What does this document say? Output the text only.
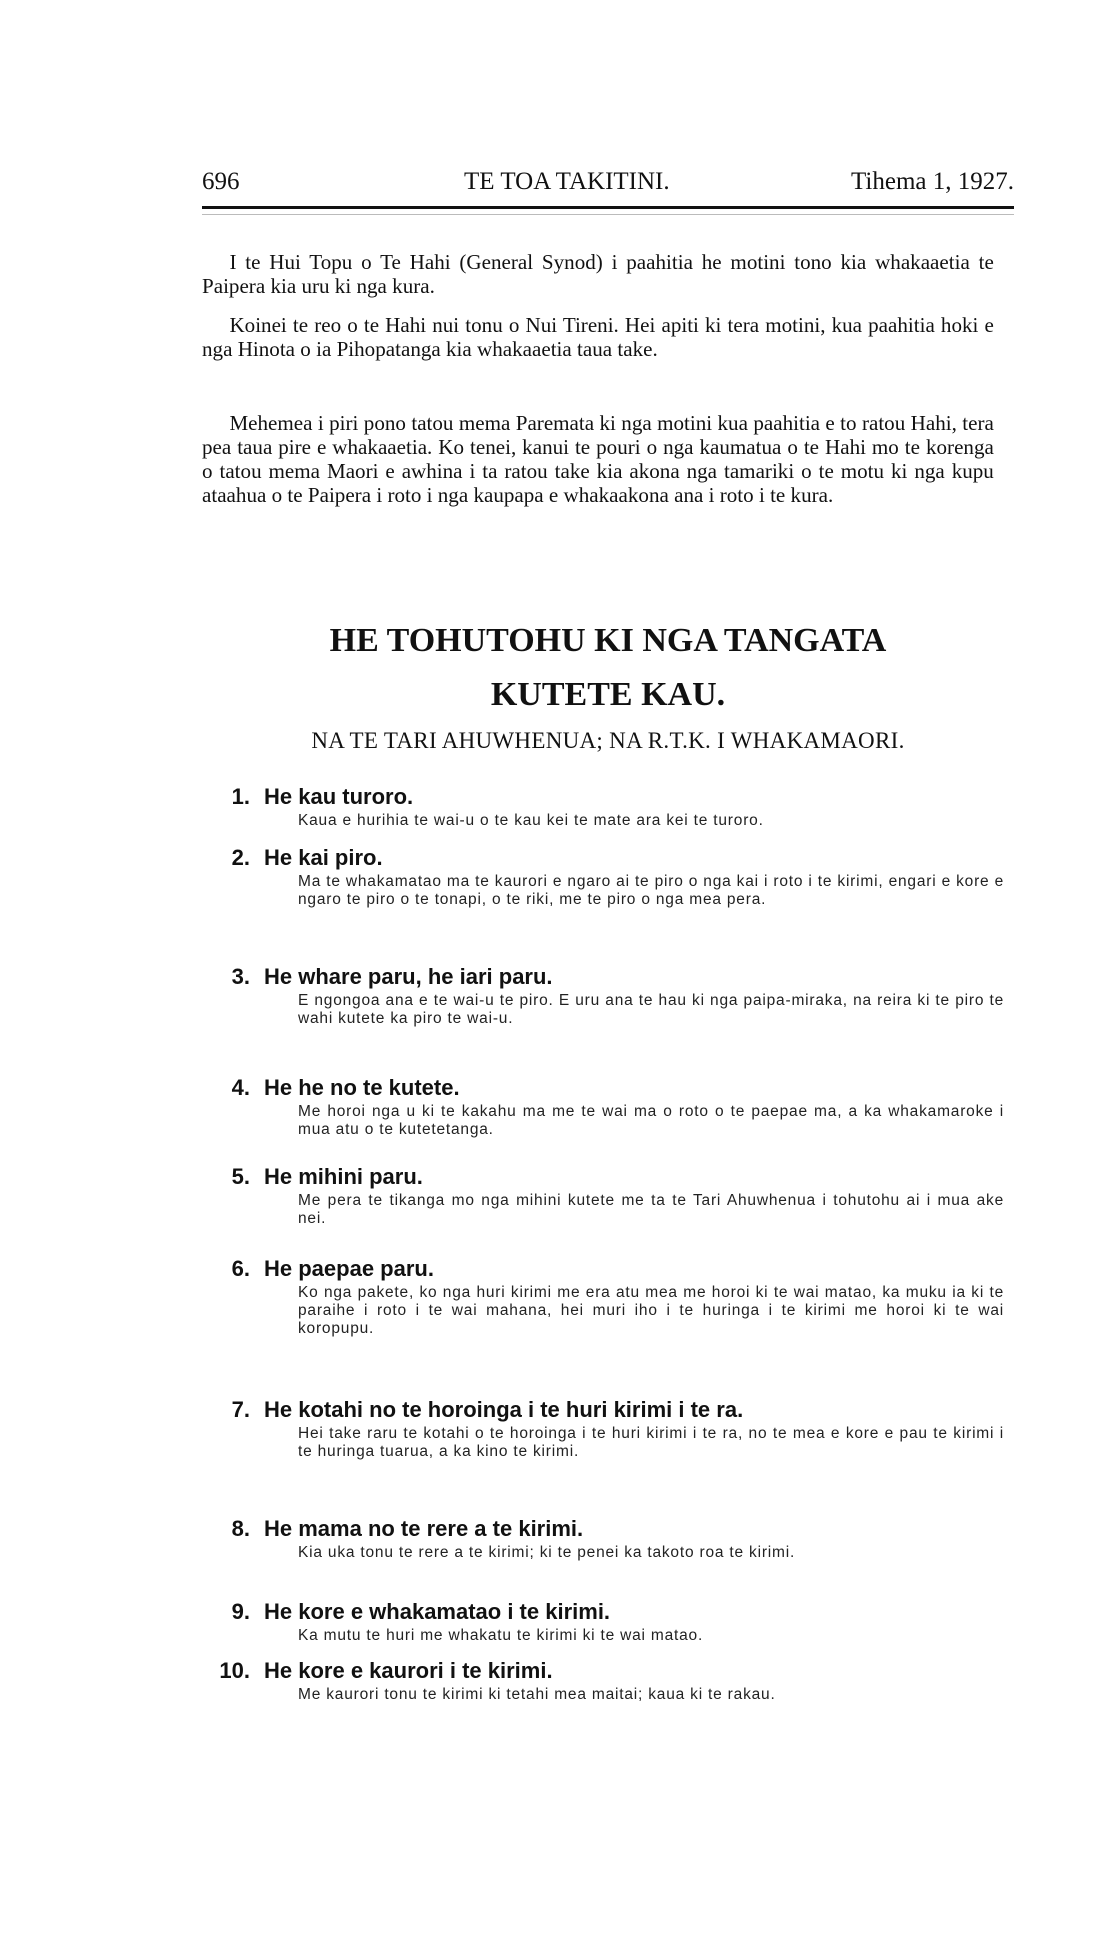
696	TE TOA TAKITINI.	Tihema 1, 1927.

I te Hui Topu o Te Hahi (General Synod) i paahitia he motini tono kia whakaaetia te Paipera kia uru ki nga kura.

Koinei te reo o te Hahi nui tonu o Nui Tireni. Hei apiti ki tera motini, kua paahitia hoki e nga Hinota o ia Pihopatanga kia whakaaetia taua take.

Mehemea i piri pono tatou mema Paremata ki nga motini kua paahitia e to ratou Hahi, tera pea taua pire e whakaaetia. Ko tenei, kanui te pouri o nga kaumatua o te Hahi mo te korenga o tatou mema Maori e awhina i ta ratou take kia akona nga tamariki o te motu ki nga kupu ataahua o te Paipera i roto i nga kaupapa e whakaakona ana i roto i te kura.

HE TOHUTOHU KI NGA TANGATA
KUTETE KAU.
NA TE TARI AHUWHENUA; NA R.T.K. I WHAKAMAORI.
1. He kau turoro.
Kaua e hurihia te wai-u o te kau kei te mate ara kei te turoro.
2. He kai piro.
Ma te whakamatao ma te kaurori e ngaro ai te piro o nga kai i roto i te kirimi, engari e kore e ngaro te piro o te tonapi, o te riki, me te piro o nga mea pera.
3. He whare paru, he iari paru.
E ngongoa ana e te wai-u te piro. E uru ana te hau ki nga paipa-miraka, na reira ki te piro te wahi kutete ka piro te wai-u.
4. He he no te kutete.
Me horoi nga u ki te kakahu ma me te wai ma o roto o te paepae ma, a ka whakamaroke i mua atu o te kutetetanga.
5. He mihini paru.
Me pera te tikanga mo nga mihini kutete me ta te Tari Ahuwhenua i tohutohu ai i mua ake nei.
6. He paepae paru.
Ko nga pakete, ko nga huri kirimi me era atu mea me horoi ki te wai matao, ka muku ia ki te paraihe i roto i te wai mahana, hei muri iho i te huringa i te kirimi me horoi ki te wai koropupu.
7. He kotahi no te horoinga i te huri kirimi i te ra.
Hei take raru te kotahi o te horoinga i te huri kirimi i te ra, no te mea e kore e pau te kirimi i te huringa tuarua, a ka kino te kirimi.
8. He mama no te rere a te kirimi.
Kia uka tonu te rere a te kirimi; ki te penei ka takoto roa te kirimi.
9. He kore e whakamatao i te kirimi.
Ka mutu te huri me whakatu te kirimi ki te wai matao.
10. He kore e kaurori i te kirimi.
Me kaurori tonu te kirimi ki tetahi mea maitai; kaua ki te rakau.
